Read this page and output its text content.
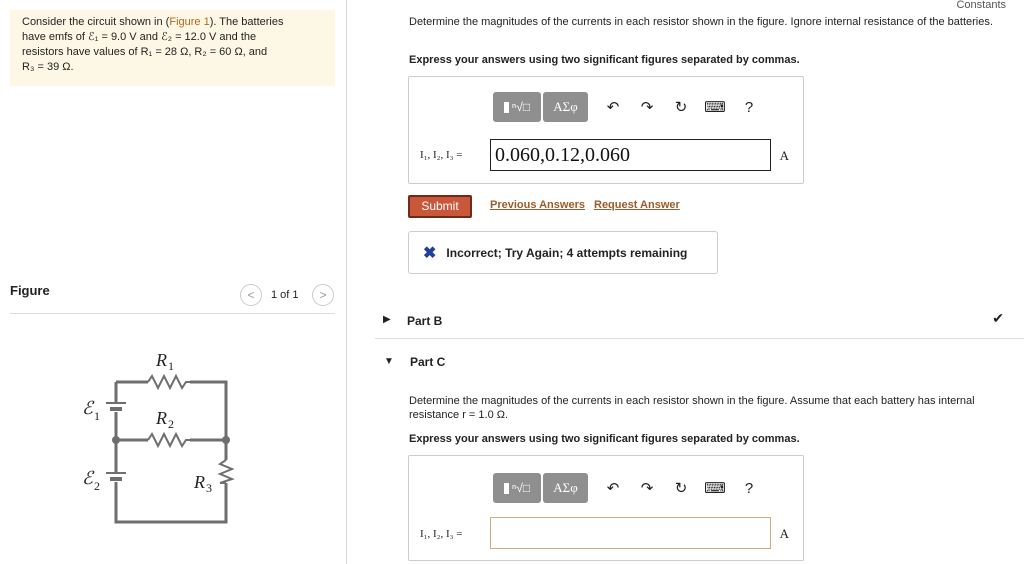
Consider the circuit shown in (Figure 1). The batteries
have emfs of ℰ₁ = 9.0 V and ℰ₂ = 12.0 V and the
resistors have values of R₁ = 28 Ω, R₂ = 60 Ω, and
R₃ = 39 Ω.
Figure	<	1 of 1	>
R 1
R 2
R 3
ℰ 1
ℰ 2
Constants
Determine the magnitudes of the currents in each resistor shown in the figure. Ignore internal resistance of the batteries.
Express your answers using two significant figures separated by commas.
ⁿ√□	ΑΣφ	↶	↷	↻	⌨	?
I₁, I₂, I₃ = 0.060,0.12,0.060	A
Submit	Previous Answers Request Answer
✖ Incorrect; Try Again; 4 attempts remaining
▶ Part B	✔
▼ Part C
Determine the magnitudes of the currents in each resistor shown in the figure. Assume that each battery has internal resistance r = 1.0 Ω.
Express your answers using two significant figures separated by commas.
ⁿ√□	ΑΣφ	↶	↷	↻	⌨	?
I₁, I₂, I₃ =	A
